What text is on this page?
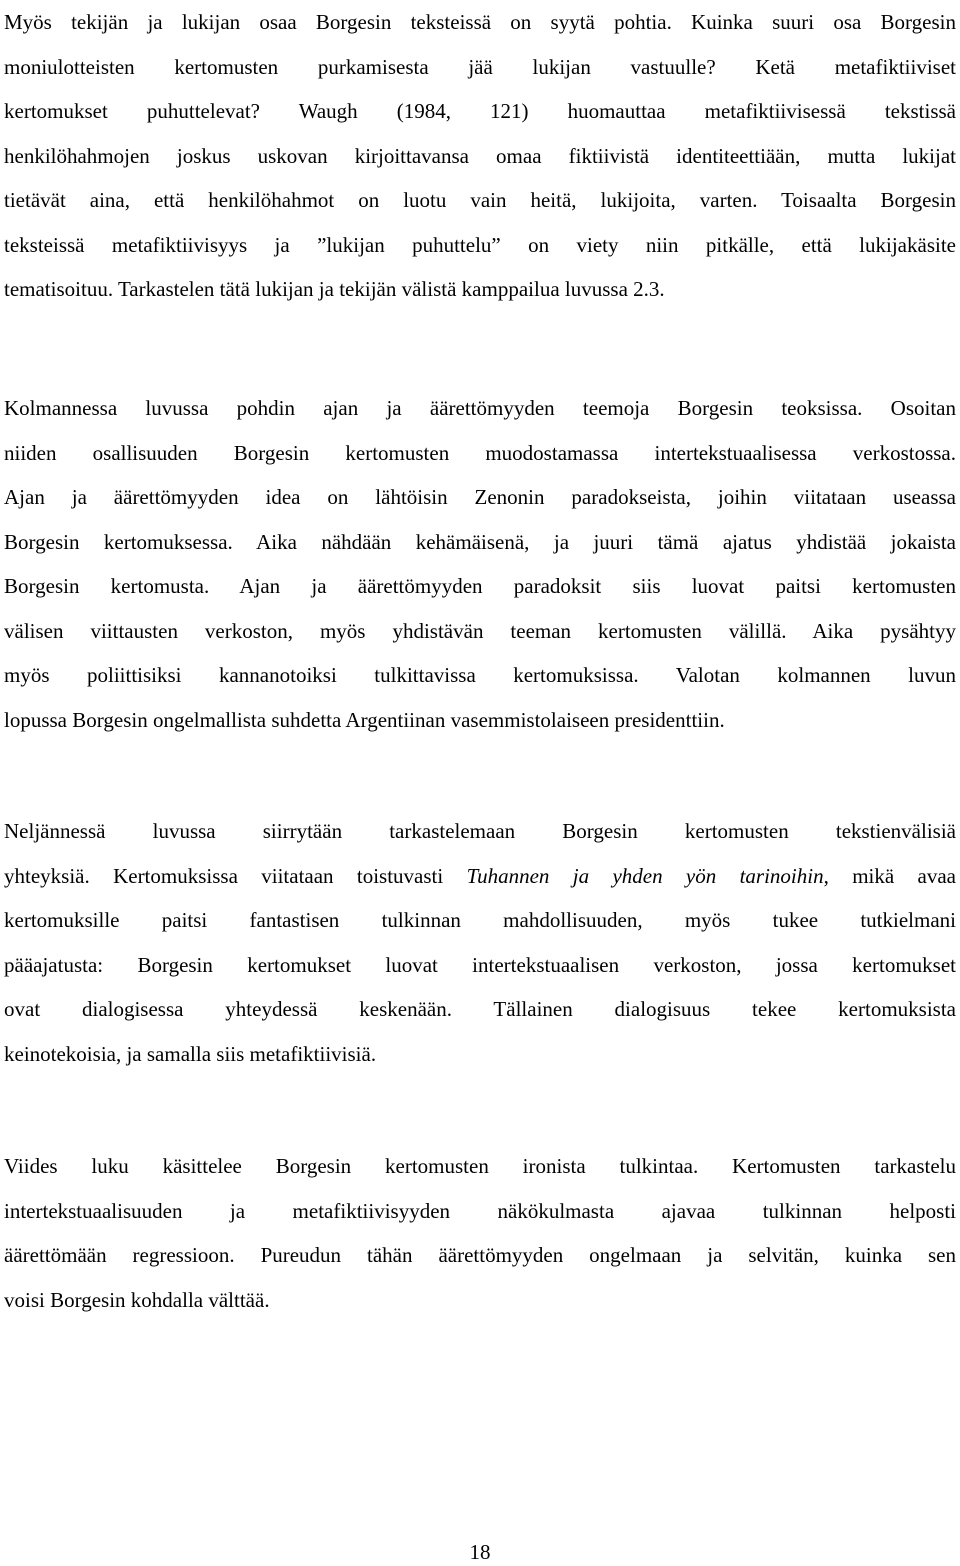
Myös tekijän ja lukijan osaa Borgesin teksteissä on syytä pohtia. Kuinka suuri osa Borgesin
moniulotteisten kertomusten purkamisesta jää lukijan vastuulle? Ketä metafiktiiviset
kertomukset puhuttelevat? Waugh (1984, 121) huomauttaa metafiktiivisessä tekstissä
henkilöhahmojen joskus uskovan kirjoittavansa omaa fiktiivistä identiteettiään, mutta lukijat
tietävät aina, että henkilöhahmot on luotu vain heitä, lukijoita, varten. Toisaalta Borgesin
teksteissä metafiktiivisyys ja ”lukijan puhuttelu” on viety niin pitkälle, että lukijakäsite
tematisoituu. Tarkastelen tätä lukijan ja tekijän välistä kamppailua luvussa 2.3.

Kolmannessa luvussa pohdin ajan ja äärettömyyden teemoja Borgesin teoksissa. Osoitan
niiden osallisuuden Borgesin kertomusten muodostamassa intertekstuaalisessa verkostossa.
Ajan ja äärettömyyden idea on lähtöisin Zenonin paradokseista, joihin viitataan useassa
Borgesin kertomuksessa. Aika nähdään kehämäisenä, ja juuri tämä ajatus yhdistää jokaista
Borgesin kertomusta. Ajan ja äärettömyyden paradoksit siis luovat paitsi kertomusten
välisen viittausten verkoston, myös yhdistävän teeman kertomusten välillä. Aika pysähtyy
myös poliittisiksi kannanotoiksi tulkittavissa kertomuksissa. Valotan kolmannen luvun
lopussa Borgesin ongelmallista suhdetta Argentiinan vasemmistolaiseen presidenttiin.

Neljännessä luvussa siirrytään tarkastelemaan Borgesin kertomusten tekstienvälisiä
yhteyksiä. Kertomuksissa viitataan toistuvasti Tuhannen ja yhden yön tarinoihin, mikä avaa
kertomuksille paitsi fantastisen tulkinnan mahdollisuuden, myös tukee tutkielmani
pääajatusta: Borgesin kertomukset luovat intertekstuaalisen verkoston, jossa kertomukset
ovat dialogisessa yhteydessä keskenään. Tällainen dialogisuus tekee kertomuksista
keinotekoisia, ja samalla siis metafiktiivisiä.

Viides luku käsittelee Borgesin kertomusten ironista tulkintaa. Kertomusten tarkastelu
intertekstuaalisuuden ja metafiktiivisyyden näkökulmasta ajavaa tulkinnan helposti
äärettömään regressioon. Pureudun tähän äärettömyyden ongelmaan ja selvitän, kuinka sen
voisi Borgesin kohdalla välttää.

18
